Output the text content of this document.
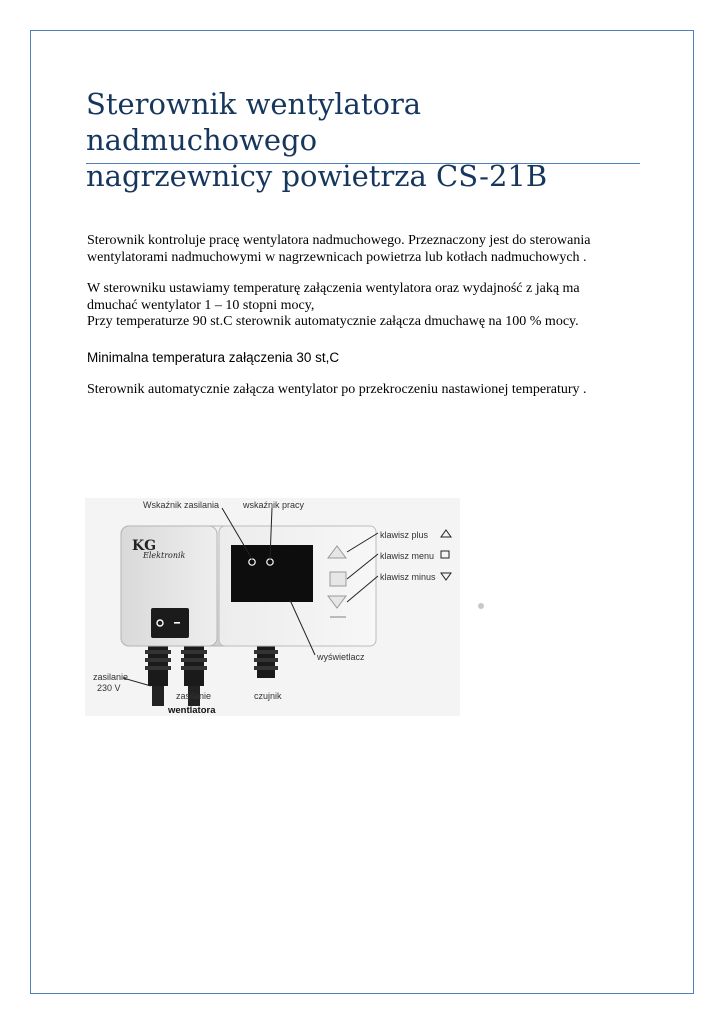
Sterownik wentylatora nadmuchowego
nagrzewnicy powietrza CS-21B

Sterownik kontroluje pracę wentylatora nadmuchowego. Przeznaczony jest do sterowania
wentylatorami nadmuchowymi w nagrzewnicach powietrza lub kotłach nadmuchowych .

W sterowniku ustawiamy temperaturę załączenia wentylatora oraz wydajność z jaką ma
dmuchać wentylator 1 – 10 stopni mocy,
Przy temperaturze 90 st.C sterownik automatycznie załącza dmuchawę na 100 % mocy.

Minimalna temperatura załączenia 30 st,C

Sterownik automatycznie załącza wentylator po przekroczeniu nastawionej temperatury .

KG
Elektronik
Wskaźnik zasilania	wskaźnik pracy
klawisz plus
klawisz menu
klawisz minus
wyświetlacz
zasilanie
230 V
zasilanie
wentlatora
czujnik
